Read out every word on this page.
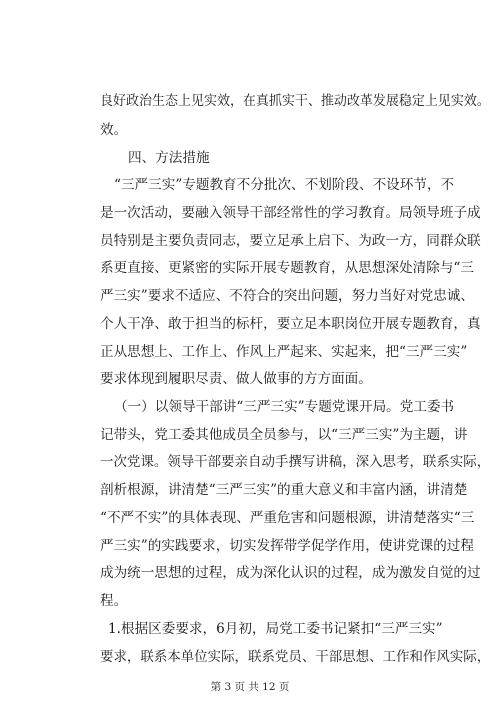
良好政治生态上见实效，在真抓实干、推动改革发展稳定上见实效。
效。
四、方法措施
“三严三实”专题教育不分批次、不划阶段、不设环节，不
是一次活动，要融入领导干部经常性的学习教育。局领导班子成
员特别是主要负责同志，要立足承上启下、为政一方，同群众联
系更直接、更紧密的实际开展专题教育，从思想深处清除与“三
严三实”要求不适应、不符合的突出问题，努力当好对党忠诚、
个人干净、敢于担当的标杆，要立足本职岗位开展专题教育，真
正从思想上、工作上、作风上严起来、实起来，把“三严三实”
要求体现到履职尽责、做人做事的方方面面。
（一）以领导干部讲“三严三实”专题党课开局。党工委书
记带头，党工委其他成员全员参与，以“三严三实”为主题，讲
一次党课。领导干部要亲自动手撰写讲稿，深入思考，联系实际，
剖析根源，讲清楚“三严三实”的重大意义和丰富内涵，讲清楚
“不严不实”的具体表现、严重危害和问题根源，讲清楚落实“三
严三实”的实践要求，切实发挥带学促学作用，使讲党课的过程
成为统一思想的过程，成为深化认识的过程，成为激发自觉的过
程。
1.根据区委要求，6月初，局党工委书记紧扣“三严三实”
要求，联系本单位实际，联系党员、干部思想、工作和作风实际，
第 3 页 共 12 页
